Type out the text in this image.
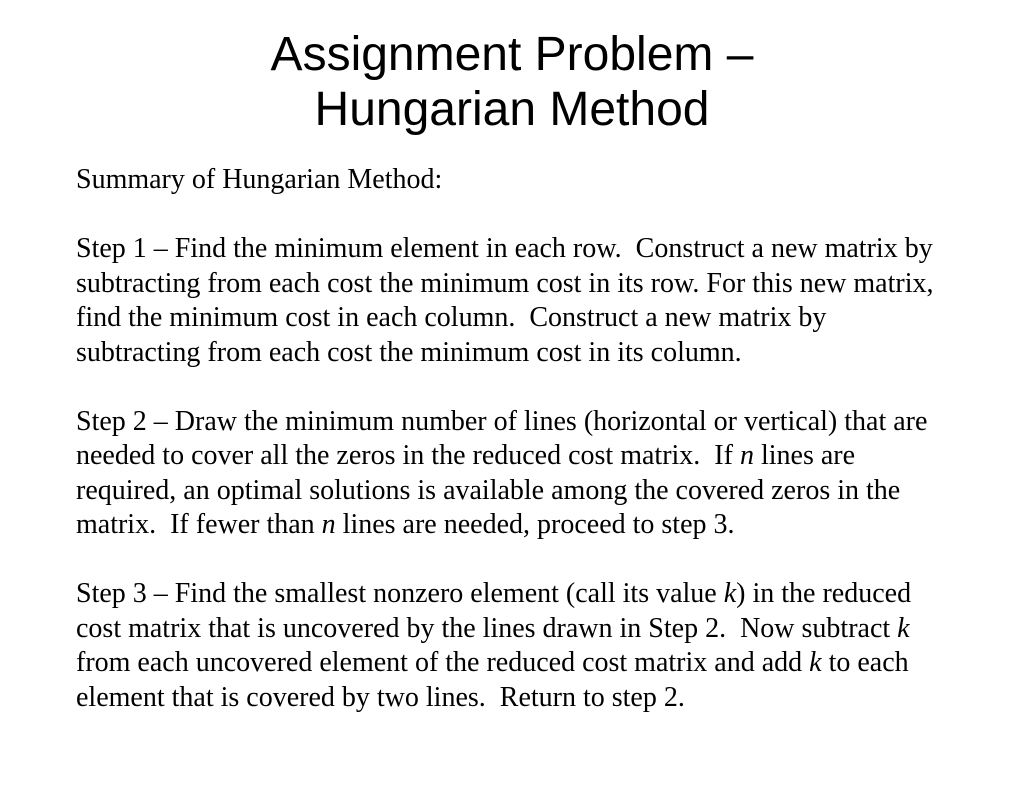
Assignment Problem –
Hungarian Method

Summary of Hungarian Method:

Step 1 – Find the minimum element in each row.  Construct a new matrix by subtracting from each cost the minimum cost in its row. For this new matrix, find the minimum cost in each column.  Construct a new matrix by subtracting from each cost the minimum cost in its column.

Step 2 – Draw the minimum number of lines (horizontal or vertical) that are needed to cover all the zeros in the reduced cost matrix.  If n lines are required, an optimal solutions is available among the covered zeros in the matrix.  If fewer than n lines are needed, proceed to step 3.

Step 3 – Find the smallest nonzero element (call its value k) in the reduced cost matrix that is uncovered by the lines drawn in Step 2.  Now subtract k from each uncovered element of the reduced cost matrix and add k to each element that is covered by two lines.  Return to step 2.
